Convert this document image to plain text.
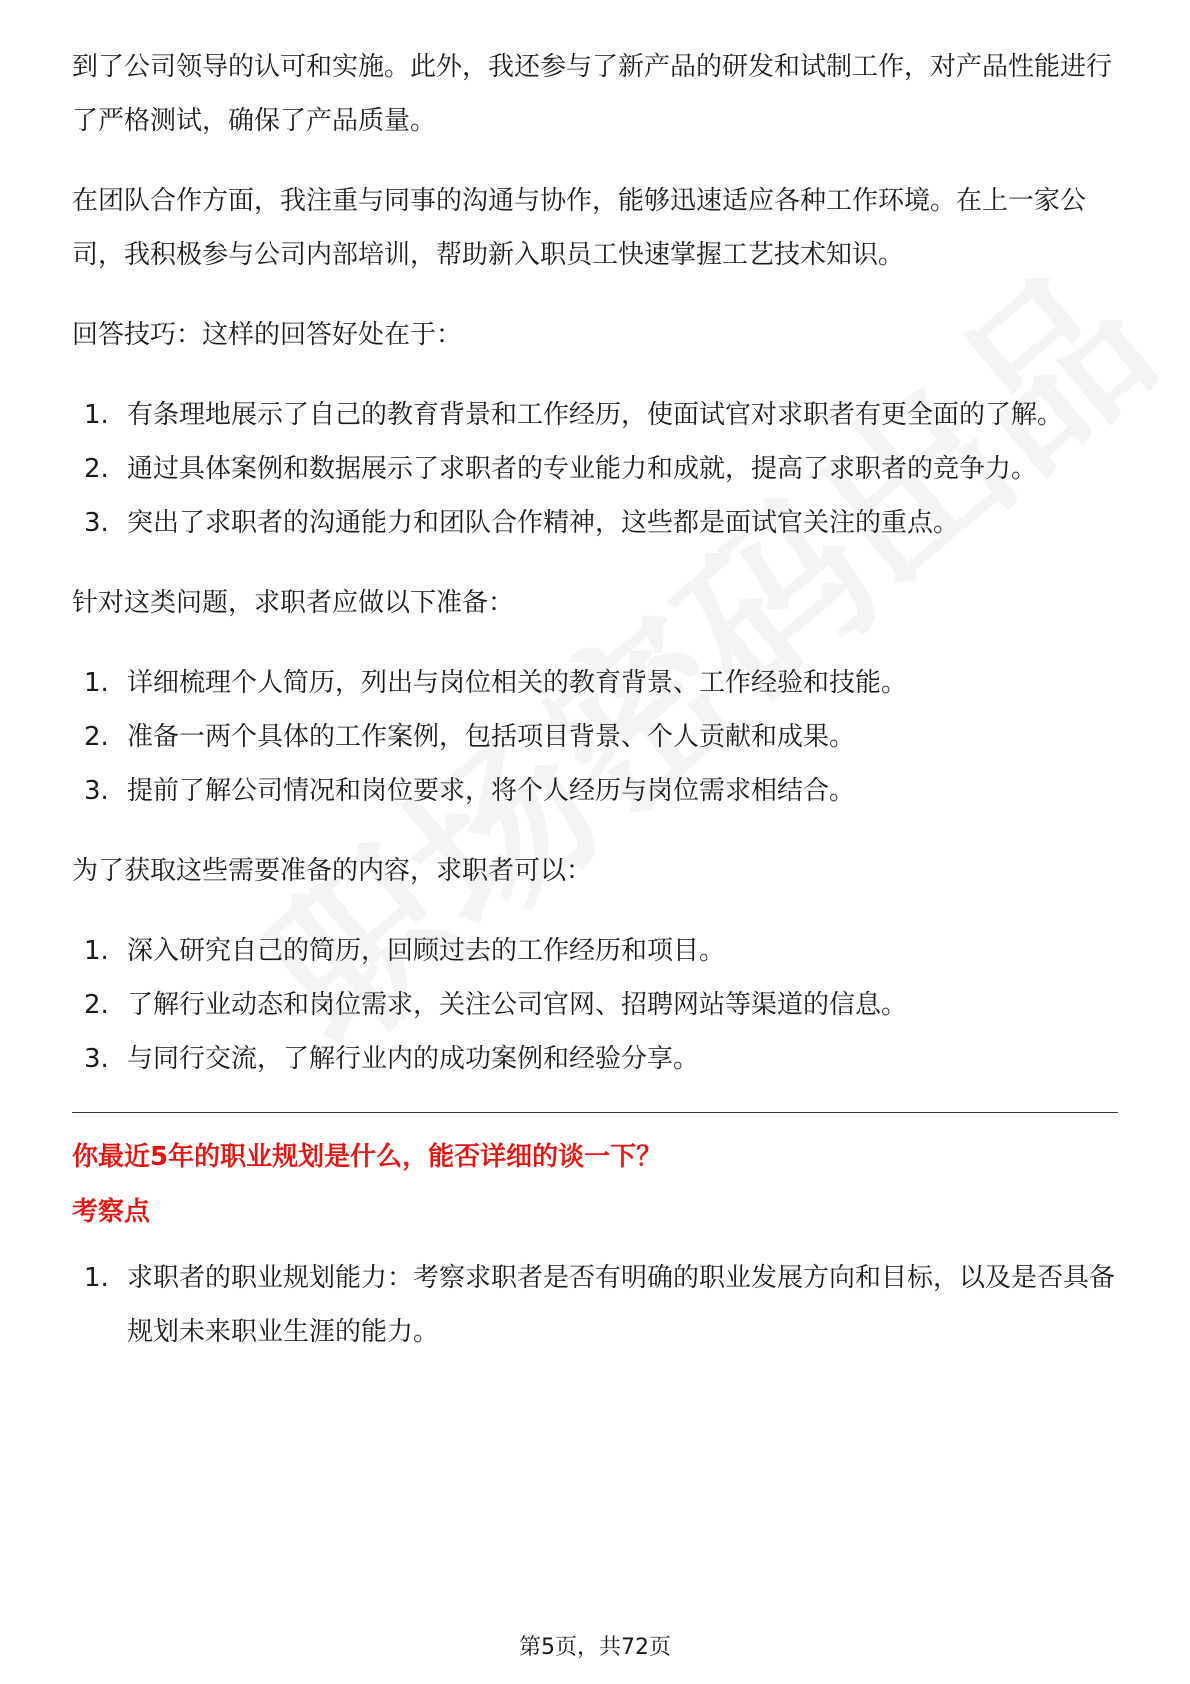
到了公司领导的认可和实施。此外，我还参与了新产品的研发和试制工作，对产品性能进行了严格测试，确保了产品质量。

在团队合作方面，我注重与同事的沟通与协作，能够迅速适应各种工作环境。在上一家公司，我积极参与公司内部培训，帮助新入职员工快速掌握工艺技术知识。

回答技巧：这样的回答好处在于：

1. 有条理地展示了自己的教育背景和工作经历，使面试官对求职者有更全面的了解。
2. 通过具体案例和数据展示了求职者的专业能力和成就，提高了求职者的竞争力。
3. 突出了求职者的沟通能力和团队合作精神，这些都是面试官关注的重点。

针对这类问题，求职者应做以下准备：

1. 详细梳理个人简历，列出与岗位相关的教育背景、工作经验和技能。
2. 准备一两个具体的工作案例，包括项目背景、个人贡献和成果。
3. 提前了解公司情况和岗位要求，将个人经历与岗位需求相结合。

为了获取这些需要准备的内容，求职者可以：

1. 深入研究自己的简历，回顾过去的工作经历和项目。
2. 了解行业动态和岗位需求，关注公司官网、招聘网站等渠道的信息。
3. 与同行交流，了解行业内的成功案例和经验分享。
你最近5年的职业规划是什么，能否详细的谈一下？
考察点
1. 求职者的职业规划能力：考察求职者是否有明确的职业发展方向和目标，以及是否具备规划未来职业生涯的能力。
第5页，共72页
